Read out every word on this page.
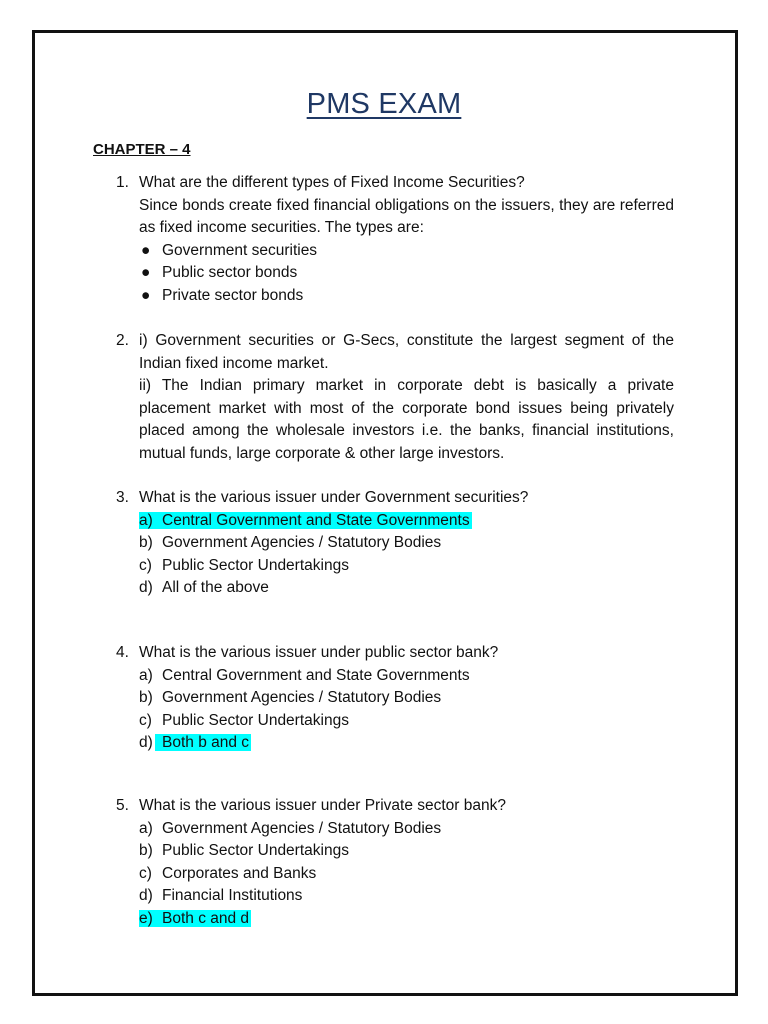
PMS EXAM
CHAPTER – 4
1. What are the different types of Fixed Income Securities?
Since bonds create fixed financial obligations on the issuers, they are referred as fixed income securities. The types are:
● Government securities
● Public sector bonds
● Private sector bonds
2. i) Government securities or G-Secs, constitute the largest segment of the Indian fixed income market.
ii) The Indian primary market in corporate debt is basically a private placement market with most of the corporate bond issues being privately placed among the wholesale investors i.e. the banks, financial institutions, mutual funds, large corporate & other large investors.
3. What is the various issuer under Government securities?
a) Central Government and State Governments
b) Government Agencies / Statutory Bodies
c) Public Sector Undertakings
d) All of the above
4. What is the various issuer under public sector bank?
a) Central Government and State Governments
b) Government Agencies / Statutory Bodies
c) Public Sector Undertakings
d) Both b and c
5. What is the various issuer under Private sector bank?
a) Government Agencies / Statutory Bodies
b) Public Sector Undertakings
c) Corporates and Banks
d) Financial Institutions
e) Both c and d
